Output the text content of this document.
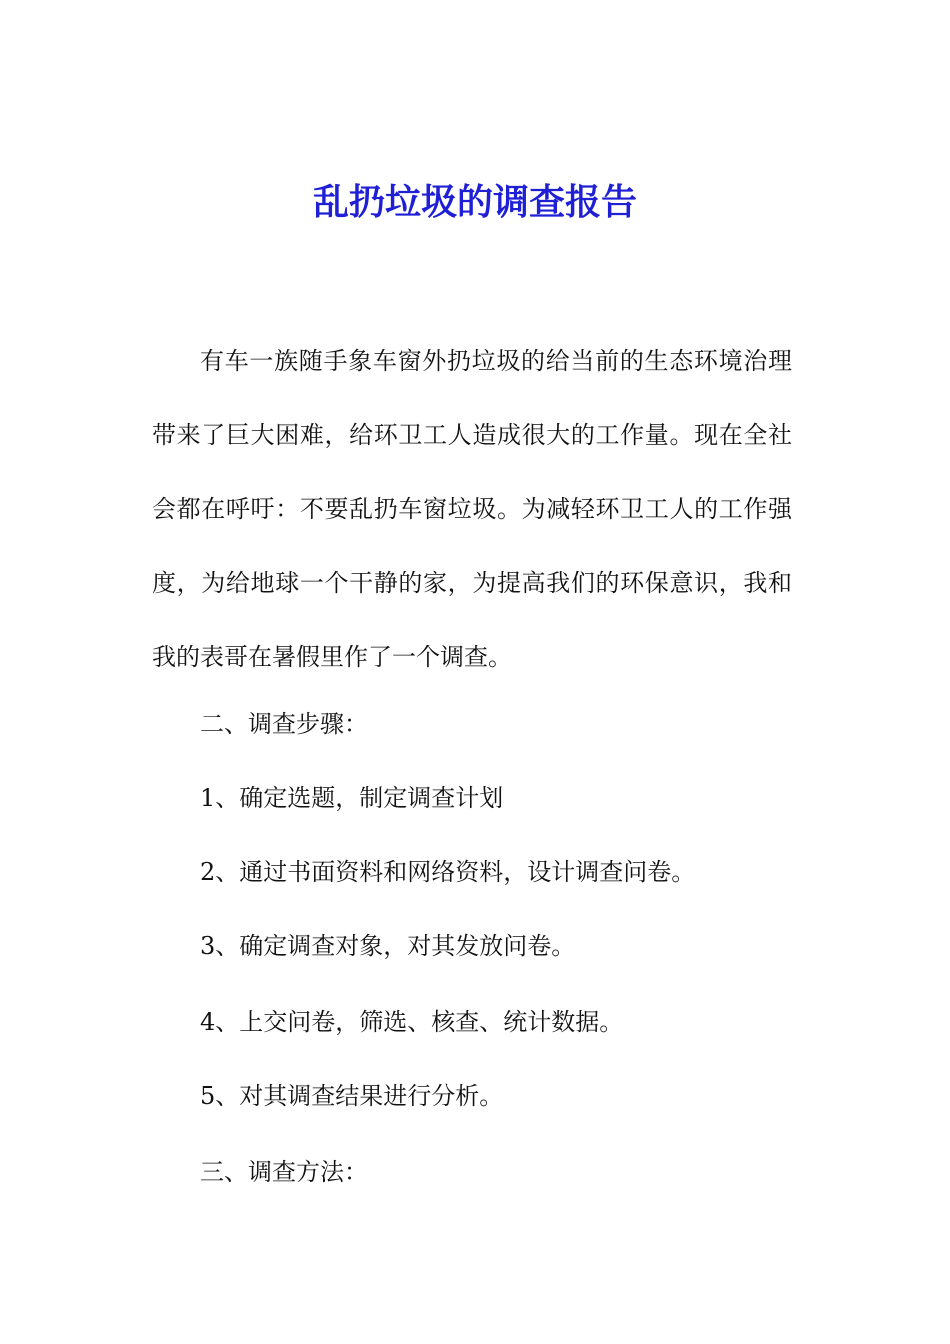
乱扔垃圾的调查报告

有车一族随手象车窗外扔垃圾的给当前的生态环境治理带来了巨大困难，给环卫工人造成很大的工作量。现在全社会都在呼吁：不要乱扔车窗垃圾。为减轻环卫工人的工作强度，为给地球一个干静的家，为提高我们的环保意识，我和我的表哥在暑假里作了一个调查。

二、调查步骤：

1、确定选题，制定调查计划

2、通过书面资料和网络资料，设计调查问卷。

3、确定调查对象，对其发放问卷。

4、上交问卷，筛选、核查、统计数据。

5、对其调查结果进行分析。

三、调查方法：
